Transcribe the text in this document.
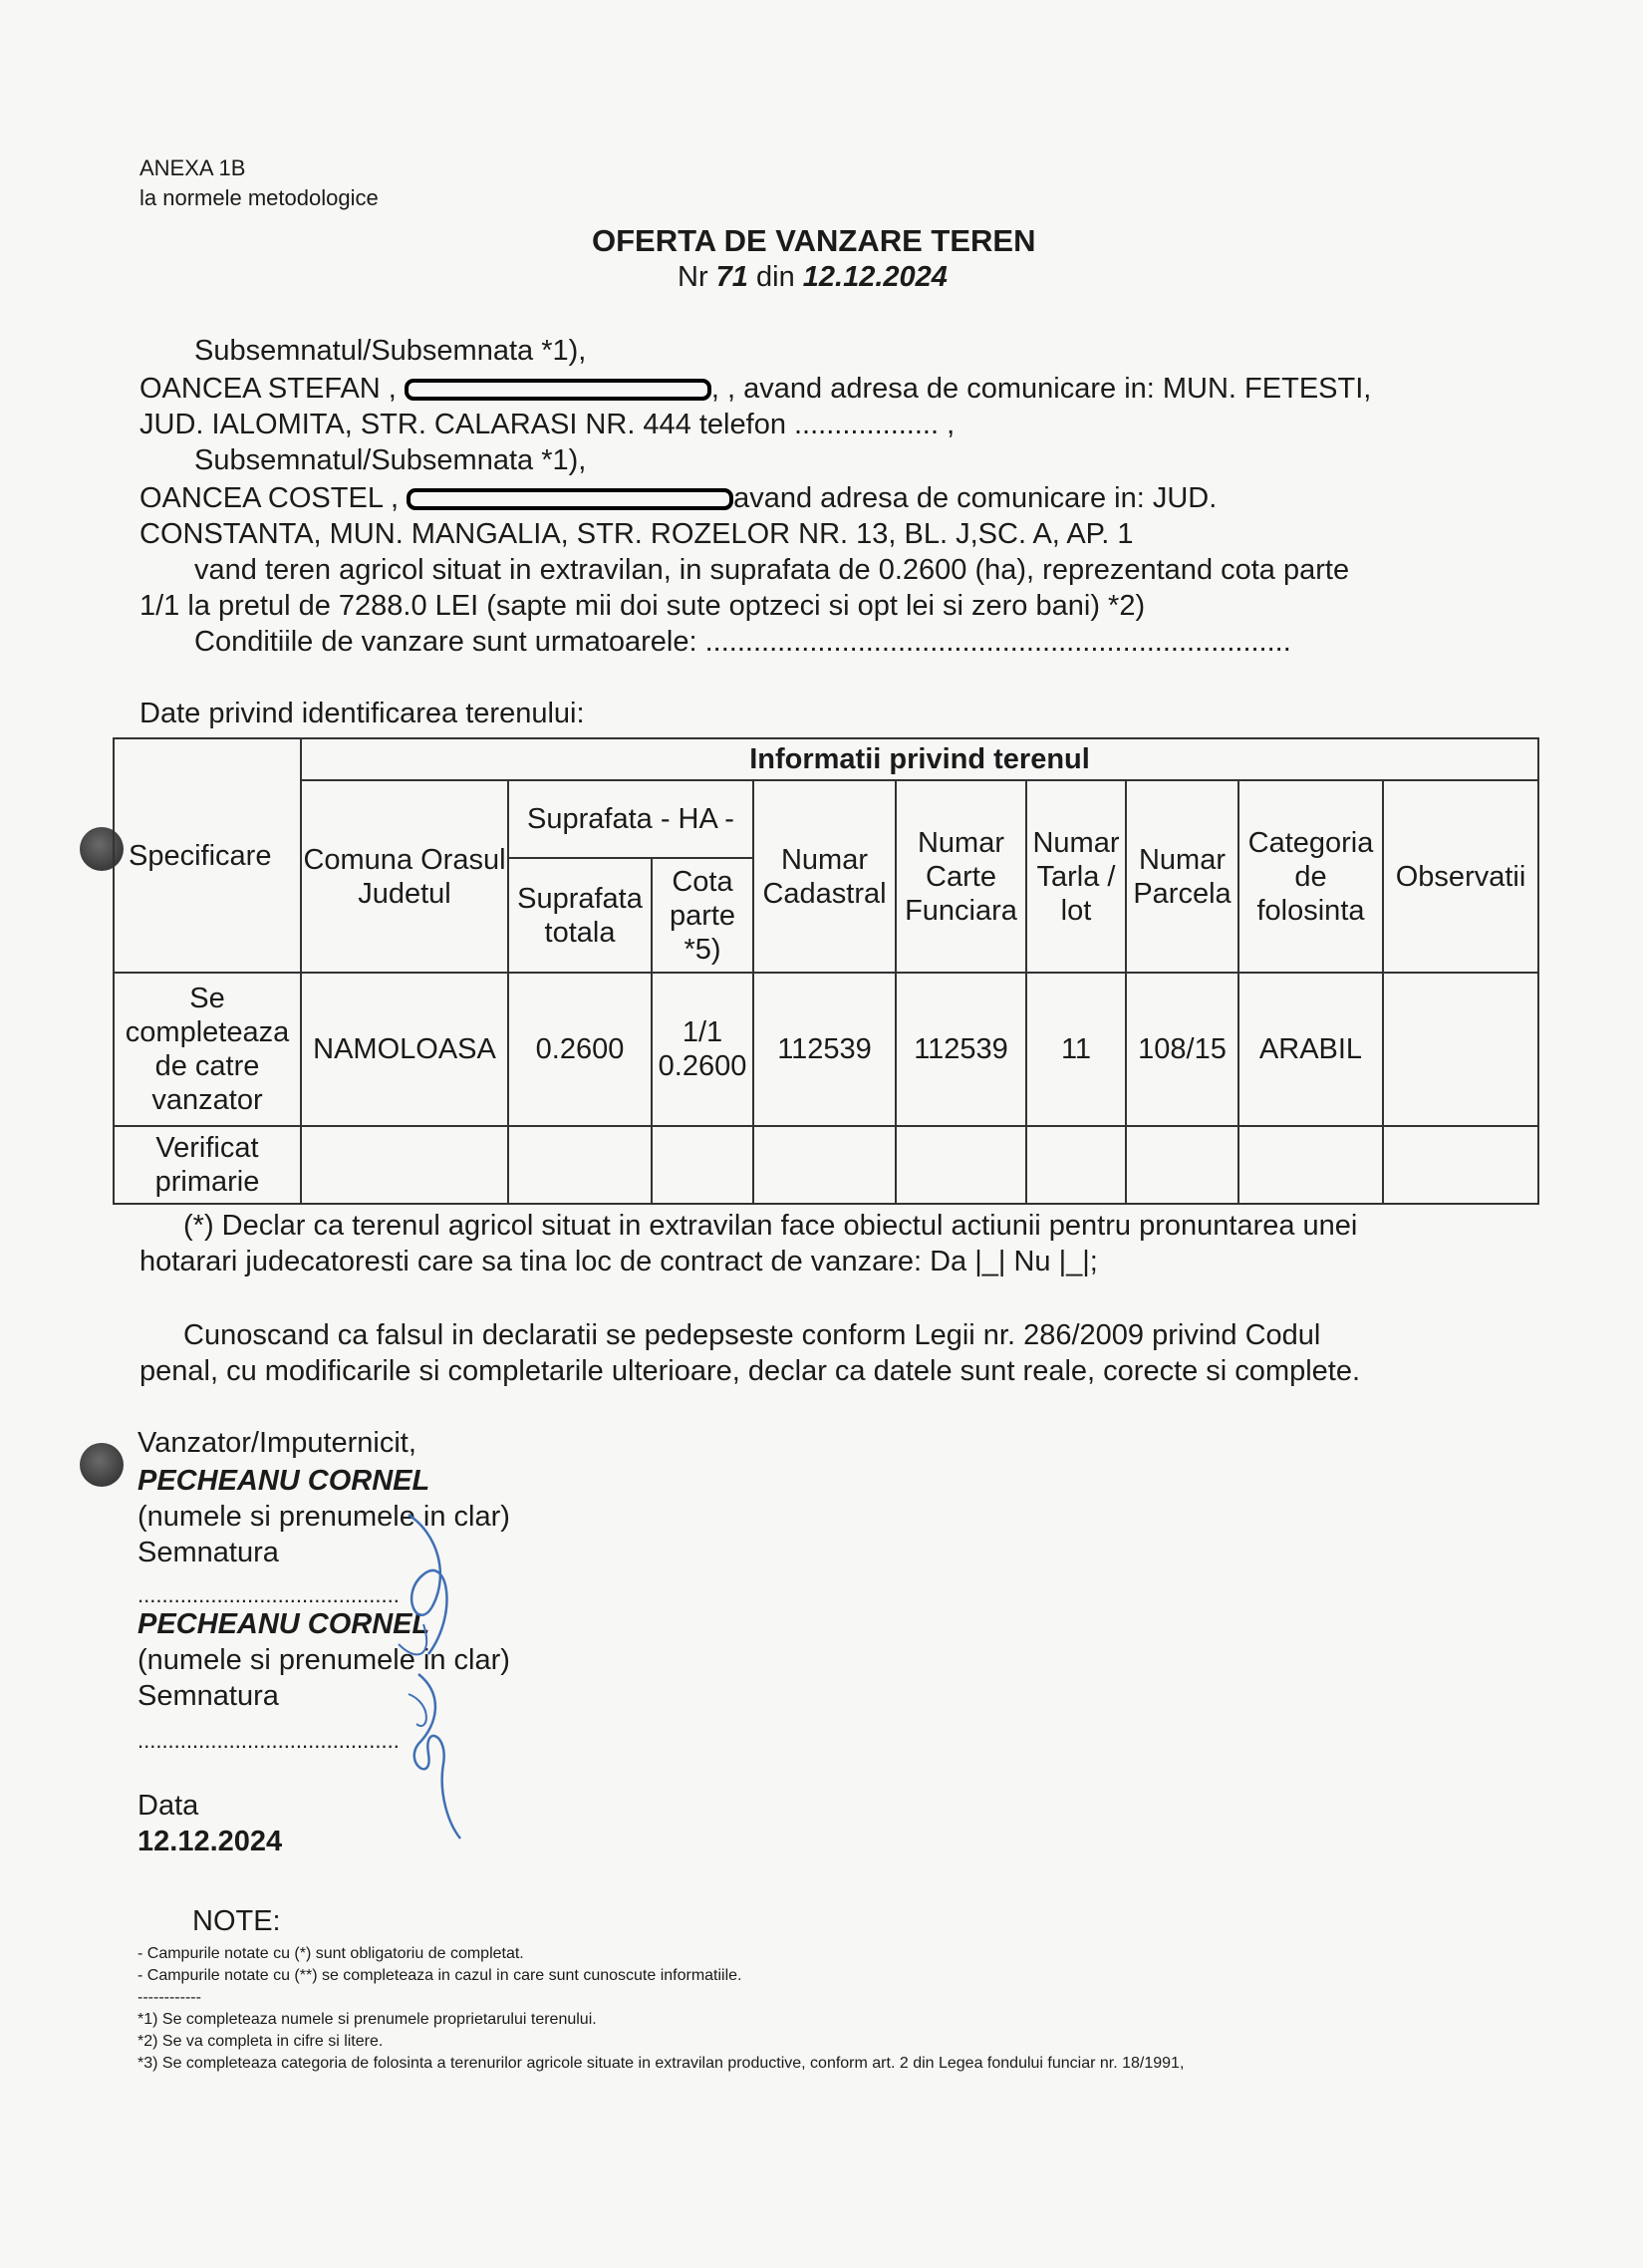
ANEXA 1B
la normele metodologice
OFERTA DE VANZARE TEREN
Nr 71 din 12.12.2024
Subsemnatul/Subsemnata *1),
OANCEA STEFAN ,	, , avand adresa de comunicare in: MUN. FETESTI,
JUD. IALOMITA, STR. CALARASI NR. 444 telefon .................. ,
Subsemnatul/Subsemnata *1),
OANCEA COSTEL ,	avand adresa de comunicare in: JUD.
CONSTANTA, MUN. MANGALIA, STR. ROZELOR NR. 13, BL. J,SC. A, AP. 1
vand teren agricol situat in extravilan, in suprafata de 0.2600 (ha), reprezentand cota parte
1/1 la pretul de 7288.0 LEI (sapte mii doi sute optzeci si opt lei si zero bani) *2)
Conditiile de vanzare sunt urmatoarele: .........................................................................
Date privind identificarea terenului:
Specificare	Informatii privind terenul								
	Comuna Orasul Judetul	Suprafata - HA -		Numar Cadastral	Numar Carte Funciara	Numar Tarla / lot	Numar Parcela	Categoria de folosinta	Observatii
		Suprafata totala	Cota parte *5)						
Se completeaza de catre vanzator	NAMOLOASA	0.2600	1/1 0.2600	112539	112539	11	108/15	ARABIL	
Verificat primarie									
(*) Declar ca terenul agricol situat in extravilan face obiectul actiunii pentru pronuntarea unei
hotarari judecatoresti care sa tina loc de contract de vanzare: Da |_| Nu |_|;
Cunoscand ca falsul in declaratii se pedepseste conform Legii nr. 286/2009 privind Codul
penal, cu modificarile si completarile ulterioare, declar ca datele sunt reale, corecte si complete.
Vanzator/Imputernicit,
PECHEANU CORNEL
(numele si prenumele in clar)
Semnatura
...........................................
PECHEANU CORNEL
(numele si prenumele in clar)
Semnatura
...........................................
Data
12.12.2024
NOTE:
- Campurile notate cu (*) sunt obligatoriu de completat.
- Campurile notate cu (**) se completeaza in cazul in care sunt cunoscute informatiile.
------------
*1) Se completeaza numele si prenumele proprietarului terenului.
*2) Se va completa in cifre si litere.
*3) Se completeaza categoria de folosinta a terenurilor agricole situate in extravilan productive, conform art. 2 din Legea fondului funciar nr. 18/1991,
